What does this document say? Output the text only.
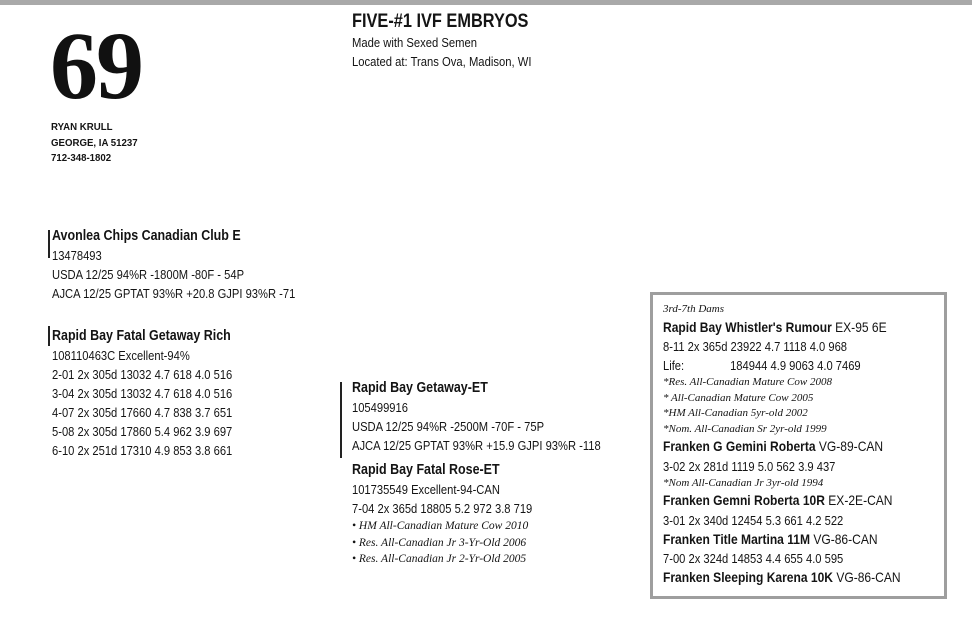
69
RYAN KRULL
GEORGE, IA 51237
712-348-1802
FIVE-#1 IVF EMBRYOS
Made with Sexed Semen
Located at: Trans Ova, Madison, WI
Avonlea Chips Canadian Club E
13478493
USDA 12/25 94%R -1800M -80F - 54P
AJCA 12/25 GPTAT 93%R +20.8 GJPI 93%R -71
Rapid Bay Fatal Getaway Rich
108110463C Excellent-94%
2-01 2x 305d 13032 4.7 618 4.0 516
3-04 2x 305d 13032 4.7 618 4.0 516
4-07 2x 305d 17660 4.7 838 3.7 651
5-08 2x 305d 17860 5.4 962 3.9 697
6-10 2x 251d 17310 4.9 853 3.8 661
Rapid Bay Getaway-ET
105499916
USDA 12/25 94%R -2500M -70F - 75P
AJCA 12/25 GPTAT 93%R +15.9 GJPI 93%R -118
Rapid Bay Fatal Rose-ET
101735549 Excellent-94-CAN
7-04 2x 365d 18805 5.2 972 3.8 719
• HM All-Canadian Mature Cow 2010
• Res. All-Canadian Jr 3-Yr-Old 2006
• Res. All-Canadian Jr 2-Yr-Old 2005
3rd-7th Dams
Rapid Bay Whistler's Rumour EX-95 6E
8-11 2x 365d 23922 4.7 1118 4.0 968
Life:	184944 4.9 9063 4.0 7469
*Res. All-Canadian Mature Cow 2008
* All-Canadian Mature Cow 2005
*HM All-Canadian 5yr-old 2002
*Nom. All-Canadian Sr 2yr-old 1999
Franken G Gemini Roberta VG-89-CAN
3-02 2x 281d 1119 5.0 562 3.9 437
*Nom All-Canadian Jr 3yr-old 1994
Franken Gemni Roberta 10R EX-2E-CAN
3-01 2x 340d 12454 5.3 661 4.2 522
Franken Title Martina 11M VG-86-CAN
7-00 2x 324d 14853 4.4 655 4.0 595
Franken Sleeping Karena 10K VG-86-CAN
